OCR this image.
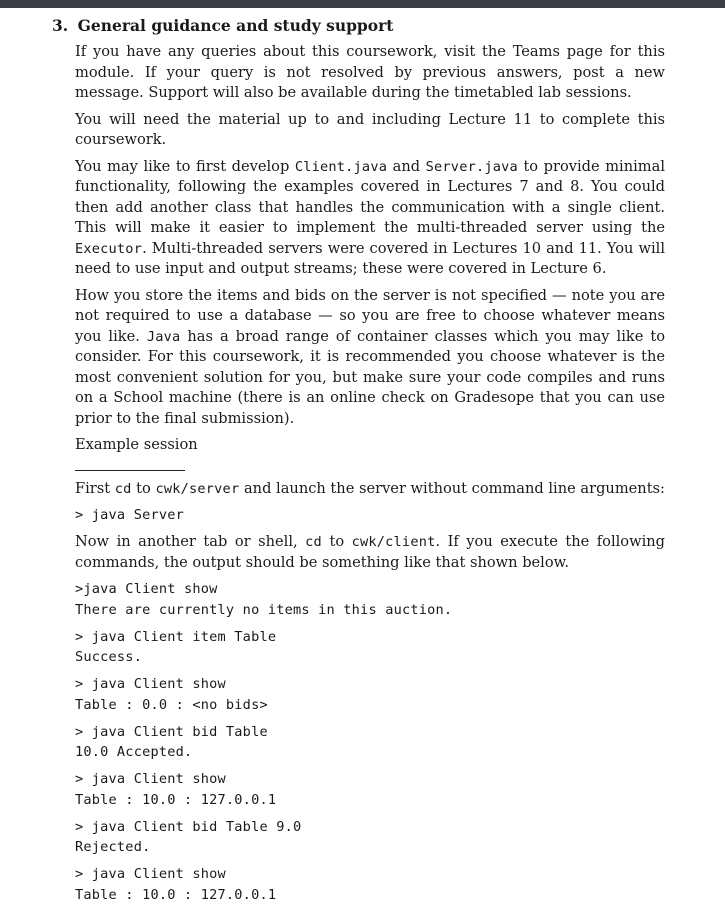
3. General guidance and study support

If you have any queries about this coursework, visit the Teams page for this module. If your query is not resolved by previous answers, post a new message. Support will also be available during the timetabled lab sessions.

You will need the material up to and including Lecture 11 to complete this coursework.

You may like to first develop Client.java and Server.java to provide minimal functionality, following the examples covered in Lectures 7 and 8. You could then add another class that handles the communication with a single client. This will make it easier to implement the multi-threaded server using the Executor. Multi-threaded servers were covered in Lectures 10 and 11. You will need to use input and output streams; these were covered in Lecture 6.

How you store the items and bids on the server is not specified — note you are not required to use a database — so you are free to choose whatever means you like. Java has a broad range of container classes which you may like to consider. For this coursework, it is recommended you choose whatever is the most convenient solution for you, but make sure your code compiles and runs on a School machine (there is an online check on Gradesope that you can use prior to the final submission).

Example session

First cd to cwk/server and launch the server without command line arguments:

> java Server

Now in another tab or shell, cd to cwk/client. If you execute the following commands, the output should be something like that shown below.

>java Client show
There are currently no items in this auction.
> java Client item Table
Success.
> java Client show
Table : 0.0 : <no bids>
> java Client bid Table
10.0 Accepted.
> java Client show
Table : 10.0 : 127.0.0.1
> java Client bid Table 9.0
Rejected.
> java Client show
Table : 10.0 : 127.0.0.1
